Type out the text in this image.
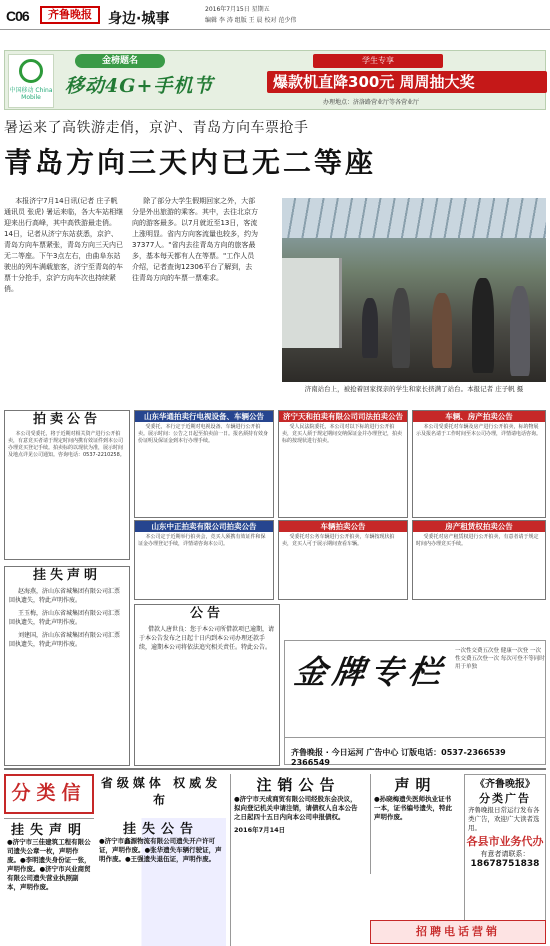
C06	齐鲁晚报	身边·城事
2016年7月15日 星期五
编辑 李 涛 组版 王 晨 校对 范少伟
中国移动 China Mobile
金榜题名
移动4G+手机节
学生专享
爆款机直降300元 周周抽大奖
办理地点：济洛路营业厅等各营业厅
暑运来了高铁游走俏，京沪、青岛方向车票抢手
青岛方向三天内已无二等座
本报济宁7月14日讯(记者 庄子帆 通讯员 张虎) 暑运来临，各大车站相继迎来出行高峰，其中高铁游最走俏。14日，记者从济宁东站获悉，京沪、青岛方向车票紧张，青岛方向三天内已无二等座。下午3点左右，由曲阜东站驶出的列车满载旅客，济宁至青岛的车票十分抢手，京沪方向车次也持续紧俏。
除了部分大学生假期回家之外，大部分是外出旅游的乘客。其中，去往北京方向的游客最多。以7月就近至13日，客流上涨明显。省内方向客流量也较多，约为37377人。"省内去往青岛方向的旅客最多，基本每天都有人在等票。"工作人员介绍，记者查询12306平台了解到，去往青岛方向的车票一票难求。
济南站台上，被抢着回家探亲的学生和家长挤满了站台。本报记者 庄子帆 摄
拍卖公告
本公司受委托，将于近期对相关资产进行公开拍卖，有意竞买者请于规定时间内携有效证件到本公司办理竞买登记手续。拍卖标的以现状为准，展示时间及地点详见公司通知。咨询电话：0537-2210258。
山东华通拍卖行电视设备、车辆公告
受委托，本行定于近期对电视设备、车辆进行公开拍卖。展示时间：公告之日起至拍卖前一日。报名须持有效身份证明及保证金到本行办理手续。
济宁天和拍卖有限公司司法拍卖公告
受人民法院委托，本公司对以下标的进行公开拍卖，竞买人须于规定期间交纳保证金并办理登记，拍卖标的按现状进行拍卖。
车辆、房产拍卖公告
本公司受委托对车辆及房产进行公开拍卖，标的物展示及报名请于工作时间至本公司办理，详情请电话咨询。
山东中正拍卖有限公司拍卖公告
本公司定于近期举行拍卖会，竞买人须携有效证件和保证金办理登记手续，详情请咨询本公司。
车辆拍卖公告
受委托对公务车辆进行公开拍卖，车辆按现状拍卖，竞买人可于展示期间查看车辆。
房产租赁权拍卖公告
受委托对房产租赁权进行公开拍卖，有意者请于规定时间内办理竞买手续。
挂失声明
赵海燕，济山东省城集团有限公司汇票回执遗失，特此声明作废。
王玉梅，济山东省城集团有限公司汇票回执遗失，特此声明作废。
刘建国，济山东省城集团有限公司汇票回执遗失，特此声明作废。
公告
借款人唐世良：您于本公司所借款项已逾期，请于本公告发布之日起十日内到本公司办理还款手续，逾期本公司将依法追究相关责任。特此公告。
金牌专栏
一次性交费五次登 健康一次登 一次性交费五次登一次 每次可登不等同时用于单独
齐鲁晚报 · 今日运河 广告中心 订版电话：0537-2366539 2366549
分类信	省级媒体 权威发布
挂失声明
●济宁市三佳建筑工程有限公司遗失公章一枚，声明作废。●李明遗失身份证一张，声明作废。●济宁市兴业商贸有限公司遗失营业执照副本，声明作废。
挂失公告
●济宁市鑫源物流有限公司遗失开户许可证，声明作废。●张华遗失车辆行驶证，声明作废。●王强遗失退伍证，声明作废。
注销公告
●济宁市天成商贸有限公司经股东会决议，拟向登记机关申请注销，请债权人自本公告之日起四十五日内向本公司申报债权。
2016年7月14日
声明
●孙晓梅遗失医师执业证书一本，证书编号遗失，特此声明作废。
《齐鲁晚报》
分类广告
齐鲁晚报日常运行发布各类广告，欢迎广大读者选用。
各县市业务代办
有意者请联系：
18678751838
招聘电话营销
